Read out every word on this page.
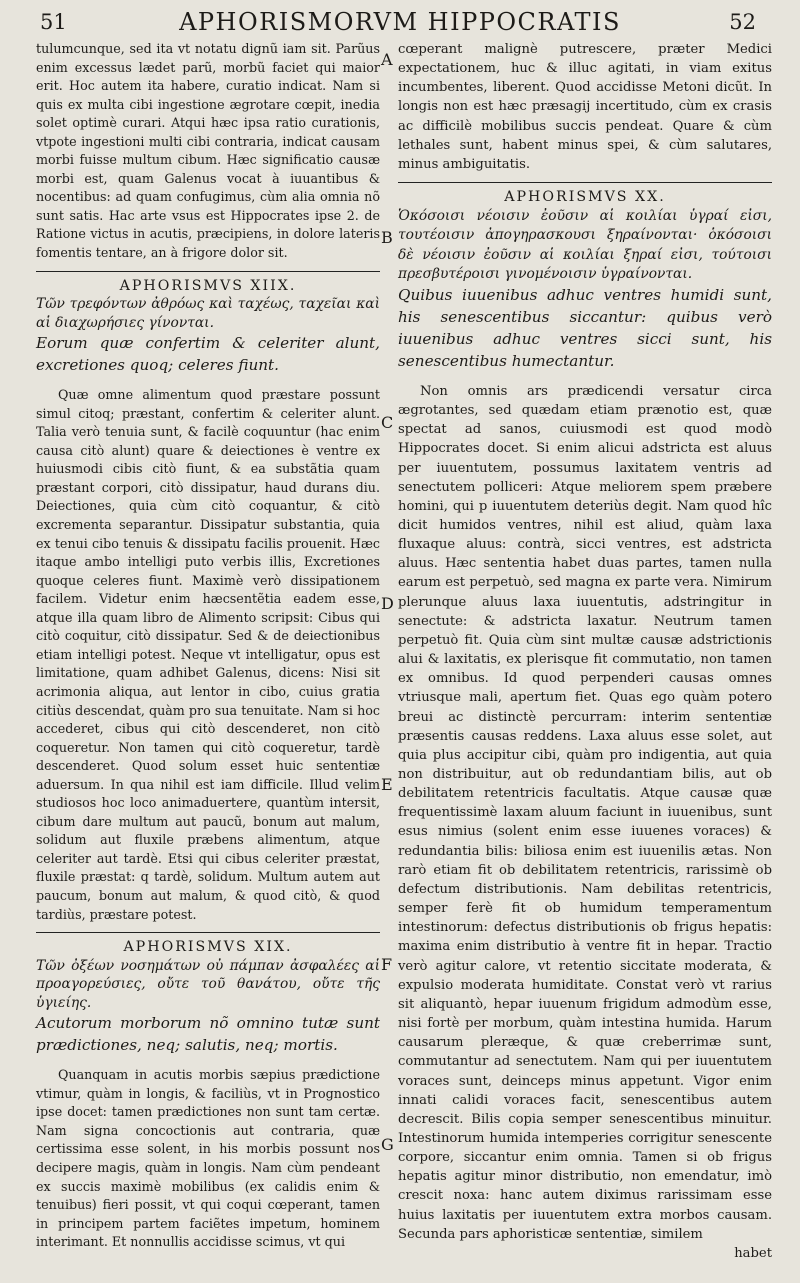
51	APHORISMORVM HIPPOCRATIS	52

tulumcunque, sed ita vt notatu dignũ iam sit. Parũus enim excessus lædet parũ, morbũ faciet qui maior erit. Hoc autem ita habere, curatio indicat. Nam si quis ex multa cibi ingestione ægrotare cœpit, inedia solet optimè curari. Atqui hæc ipsa ratio curationis, vtpote ingestioni multi cibi contraria, indicat causam morbi fuisse multum cibum. Hæc significatio causæ morbi est, quam Galenus vocat à iuuantibus & nocentibus: ad quam confugimus, cùm alia omnia nõ sunt satis. Hac arte vsus est Hippocrates ipse 2. de Ratione victus in acutis, præcipiens, in dolore lateris fomentis tentare, an à frigore dolor sit.

APHORISMVS XIIX.

Τῶν τρεφόντων ἀθρόως καὶ ταχέως, ταχεῖαι καὶ αἱ διαχωρήσιες γίνονται.

Eorum quæ confertim & celeriter alunt, excretiones quoq; celeres fiunt.

Quæ omne alimentum quod præstare possunt simul citoq; præstant, confertim & celeriter alunt. Talia verò tenuia sunt, & facilè coquuntur (hac enim causa citò alunt) quare & deiectiones è ventre ex huiusmodi cibis citò fiunt, & ea substãtia quam præstant corpori, citò dissipatur, haud durans diu. Deiectiones, quia cùm citò coquantur, & citò excrementa separantur. Dissipatur substantia, quia ex tenui cibo tenuis & dissipatu facilis prouenit. Hæc itaque ambo intelligi puto verbis illis, Excretiones quoque celeres fiunt. Maximè verò dissipationem facilem. Videtur enim hæcsentẽtia eadem esse, atque illa quam libro de Alimento scripsit: Cibus qui citò coquitur, citò dissipatur. Sed & de deiectionibus etiam intelligi potest. Neque vt intelligatur, opus est limitatione, quam adhibet Galenus, dicens: Nisi sit acrimonia aliqua, aut lentor in cibo, cuius gratia citiùs descendat, quàm pro sua tenuitate. Nam si hoc accederet, cibus qui citò descenderet, non citò coqueretur. Non tamen qui citò coqueretur, tardè descenderet. Quod solum esset huic sententiæ aduersum. In qua nihil est iam difficile. Illud velim studiosos hoc loco animaduertere, quantùm intersit, cibum dare multum aut paucũ, bonum aut malum, solidum aut fluxile præbens alimentum, atque celeriter aut tardè. Etsi qui cibus celeriter præstat, fluxile præstat: q tardè, solidum. Multum autem aut paucum, bonum aut malum, & quod citò, & quod tardiùs, præstare potest.

APHORISMVS XIX.

Τῶν ὀξέων νοσημάτων οὐ πάμπαν ἀσφαλέες αἱ προαγορεύσιες, οὔτε τοῦ θανάτου, οὔτε τῆς ὑγιείης.

Acutorum morborum nõ omnino tutæ sunt prædictiones, neq; salutis, neq; mortis.

Quanquam in acutis morbis sæpius prædictione vtimur, quàm in longis, & faciliùs, vt in Prognostico ipse docet: tamen prædictiones non sunt tam certæ. Nam signa concoctionis aut contraria, quæ certissima esse solent, in his morbis possunt nos decipere magis, quàm in longis. Nam cùm pendeant ex succis maximè mobilibus (ex calidis enim & tenuibus) fieri possit, vt qui coqui cœperant, tamen in principem partem faciẽtes impetum, hominem interimant. Et nonnullis accidisse scimus, vt qui

cœperant malignè putrescere, præter Medici expectationem, huc & illuc agitati, in viam exitus incumbentes, liberent. Quod accidisse Metoni dicũt. In longis non est hæc præsagij incertitudo, cùm ex crasis ac difficilè mobilibus succis pendeat. Quare & cùm lethales sunt, habent minus spei, & cùm salutares, minus ambiguitatis.

APHORISMVS XX.

Ὁκόσοισι νέοισιν ἐοῦσιν αἱ κοιλίαι ὑγραί εἰσι, τουτέοισιν ἀπογηρασκουσι ξηραίνονται· ὁκόσοισι δὲ νέοισιν ἐοῦσιν αἱ κοιλίαι ξηραί εἰσι, τούτοισι πρεσβυτέροισι γινομένοισιν ὑγραίνονται.

Quibus iuuenibus adhuc ventres humidi sunt, his senescentibus siccantur: quibus verò iuuenibus adhuc ventres sicci sunt, his senescentibus humectantur.

Non omnis ars prædicendi versatur circa ægrotantes, sed quædam etiam prænotio est, quæ spectat ad sanos, cuiusmodi est quod modò Hippocrates docet. Si enim alicui adstricta est aluus per iuuentutem, possumus laxitatem ventris ad senectutem polliceri: Atque meliorem spem præbere homini, qui p iuuentutem deteriùs degit. Nam quod hîc dicit humidos ventres, nihil est aliud, quàm laxa fluxaque aluus: contrà, sicci ventres, est adstricta aluus. Hæc sententia habet duas partes, tamen nulla earum est perpetuò, sed magna ex parte vera. Nimirum plerunque aluus laxa iuuentutis, adstringitur in senectute: & adstricta laxatur. Neutrum tamen perpetuò fit. Quia cùm sint multæ causæ adstrictionis alui & laxitatis, ex plerisque fit commutatio, non tamen ex omnibus. Id quod perpenderi causas omnes vtriusque mali, apertum fiet. Quas ego quàm potero breui ac distinctè percurram: interim sententiæ præsentis causas reddens. Laxa aluus esse solet, aut quia plus accipitur cibi, quàm pro indigentia, aut quia non distribuitur, aut ob redundantiam bilis, aut ob debilitatem retentricis facultatis. Atque causæ quæ frequentissimè laxam aluum faciunt in iuuenibus, sunt esus nimius (solent enim esse iuuenes voraces) & redundantia bilis: biliosa enim est iuuenilis ætas. Non rarò etiam fit ob debilitatem retentricis, rarissimè ob defectum distributionis. Nam debilitas retentricis, semper ferè fit ob humidum temperamentum intestinorum: defectus distributionis ob frigus hepatis: maxima enim distributio à ventre fit in hepar. Tractio verò agitur calore, vt retentio siccitate moderata, & expulsio moderata humiditate. Constat verò vt rarius sit aliquantò, hepar iuuenum frigidum admodùm esse, nisi fortè per morbum, quàm intestina humida. Harum causarum pleræque, & quæ creberrimæ sunt, commutantur ad senectutem. Nam qui per iuuentutem voraces sunt, deinceps minus appetunt. Vigor enim innati calidi voraces facit, senescentibus autem decrescit. Bilis copia semper senescentibus minuitur. Intestinorum humida intemperies corrigitur senescente corpore, siccantur enim omnia. Tamen si ob frigus hepatis agitur minor distributio, non emendatur, imò crescit noxa: hanc autem diximus rarissimam esse huius laxitatis per iuuentutem extra morbos causam. Secunda pars aphoristicæ sententiæ, similem

habet
A
B
C
D
E
F
G
